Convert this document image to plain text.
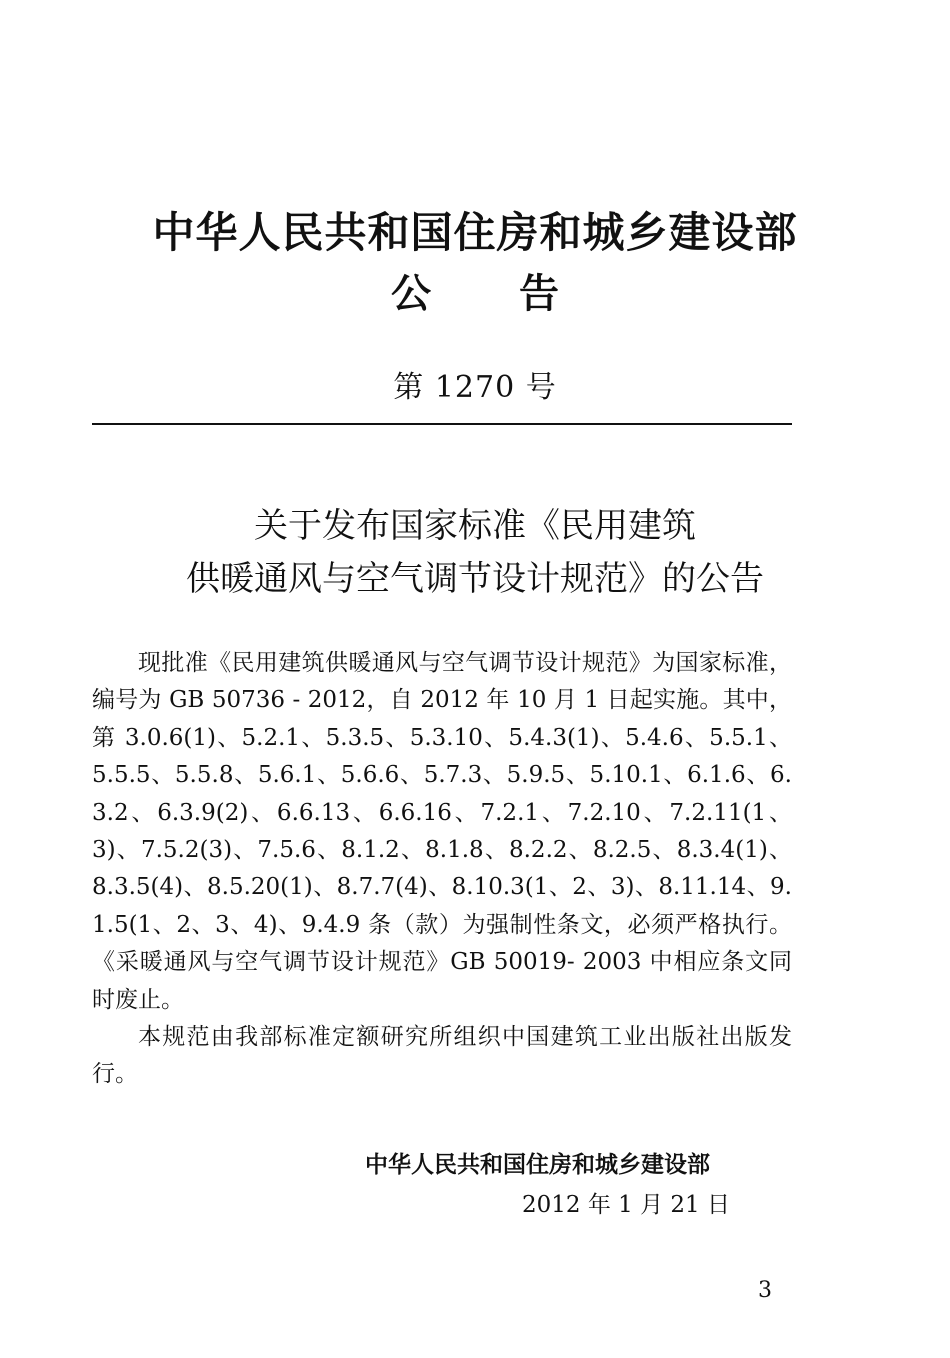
中华人民共和国住房和城乡建设部
公 告
第 1270 号
关于发布国家标准《民用建筑
供暖通风与空气调节设计规范》的公告

现批准《民用建筑供暖通风与空气调节设计规范》为国家标准，编号为 GB 50736 - 2012，自 2012 年 10 月 1 日起实施。其中，第 3.0.6(1)、5.2.1、5.3.5、5.3.10、5.4.3(1)、5.4.6、5.5.1、5.5.5、5.5.8、5.6.1、5.6.6、5.7.3、5.9.5、5.10.1、6.1.6、6.3.2、6.3.9(2)、6.6.13、6.6.16、7.2.1、7.2.10、7.2.11(1、3)、7.5.2(3)、7.5.6、8.1.2、8.1.8、8.2.2、8.2.5、8.3.4(1)、8.3.5(4)、8.5.20(1)、8.7.7(4)、8.10.3(1、2、3)、8.11.14、9.1.5(1、2、3、4)、9.4.9 条（款）为强制性条文，必须严格执行。《采暖通风与空气调节设计规范》GB 50019- 2003 中相应条文同时废止。

本规范由我部标准定额研究所组织中国建筑工业出版社出版发行。

中华人民共和国住房和城乡建设部
2012 年 1 月 21 日
3
